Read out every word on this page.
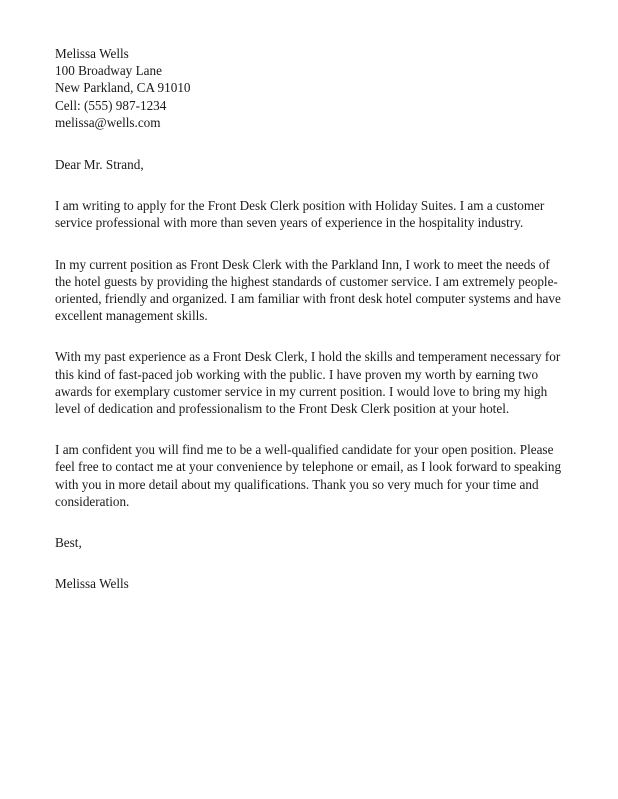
Melissa Wells
100 Broadway Lane
New Parkland, CA 91010
Cell: (555) 987-1234
melissa@wells.com

Dear Mr. Strand,

I am writing to apply for the Front Desk Clerk position with Holiday Suites. I am a customer service professional with more than seven years of experience in the hospitality industry.

In my current position as Front Desk Clerk with the Parkland Inn, I work to meet the needs of the hotel guests by providing the highest standards of customer service. I am extremely people-oriented, friendly and organized. I am familiar with front desk hotel computer systems and have excellent management skills.

With my past experience as a Front Desk Clerk, I hold the skills and temperament necessary for this kind of fast-paced job working with the public. I have proven my worth by earning two awards for exemplary customer service in my current position. I would love to bring my high level of dedication and professionalism to the Front Desk Clerk position at your hotel.

I am confident you will find me to be a well-qualified candidate for your open position. Please feel free to contact me at your convenience by telephone or email, as I look forward to speaking with you in more detail about my qualifications. Thank you so very much for your time and consideration.

Best,

Melissa Wells
